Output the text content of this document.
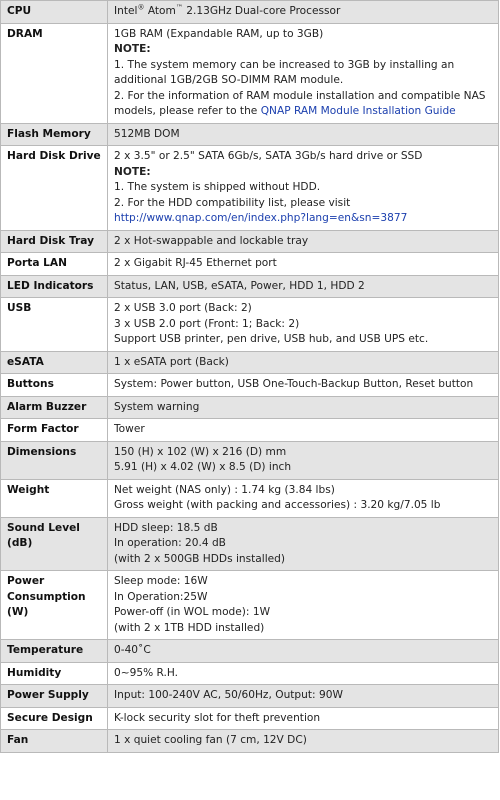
CPU	Intel® Atom™ 2.13GHz Dual-core Processor

DRAM	1GB RAM (Expandable RAM, up to 3GB)
NOTE:
1. The system memory can be increased to 3GB by installing an additional 1GB/2GB SO-DIMM RAM module.
2. For the information of RAM module installation and compatible NAS models, please refer to the QNAP RAM Module Installation Guide

Flash Memory	512MB DOM

Hard Disk Drive	2 x 3.5" or 2.5" SATA 6Gb/s, SATA 3Gb/s hard drive or SSD
NOTE:
1. The system is shipped without HDD.
2. For the HDD compatibility list, please visit http://www.qnap.com/en/index.php?lang=en&sn=3877

Hard Disk Tray	2 x Hot-swappable and lockable tray

Porta LAN	2 x Gigabit RJ-45 Ethernet port

LED Indicators	Status, LAN, USB, eSATA, Power, HDD 1, HDD 2

USB	2 x USB 3.0 port (Back: 2)
3 x USB 2.0 port (Front: 1; Back: 2)
Support USB printer, pen drive, USB hub, and USB UPS etc.

eSATA	1 x eSATA port (Back)

Buttons	System: Power button, USB One-Touch-Backup Button, Reset button

Alarm Buzzer	System warning

Form Factor	Tower

Dimensions	150 (H) x 102 (W) x 216 (D) mm
5.91 (H) x 4.02 (W) x 8.5 (D) inch

Weight	Net weight (NAS only) : 1.74 kg (3.84 lbs)
Gross weight (with packing and accessories) : 3.20 kg/7.05 lb

Sound Level (dB)	HDD sleep: 18.5 dB
In operation: 20.4 dB
(with 2 x 500GB HDDs installed)

Power Consumption (W)	Sleep mode: 16W
In Operation:25W
Power-off (in WOL mode): 1W
(with 2 x 1TB HDD installed)

Temperature	0-40˚C

Humidity	0~95% R.H.

Power Supply	Input: 100-240V AC, 50/60Hz, Output: 90W

Secure Design	K-lock security slot for theft prevention

Fan	1 x quiet cooling fan (7 cm, 12V DC)
